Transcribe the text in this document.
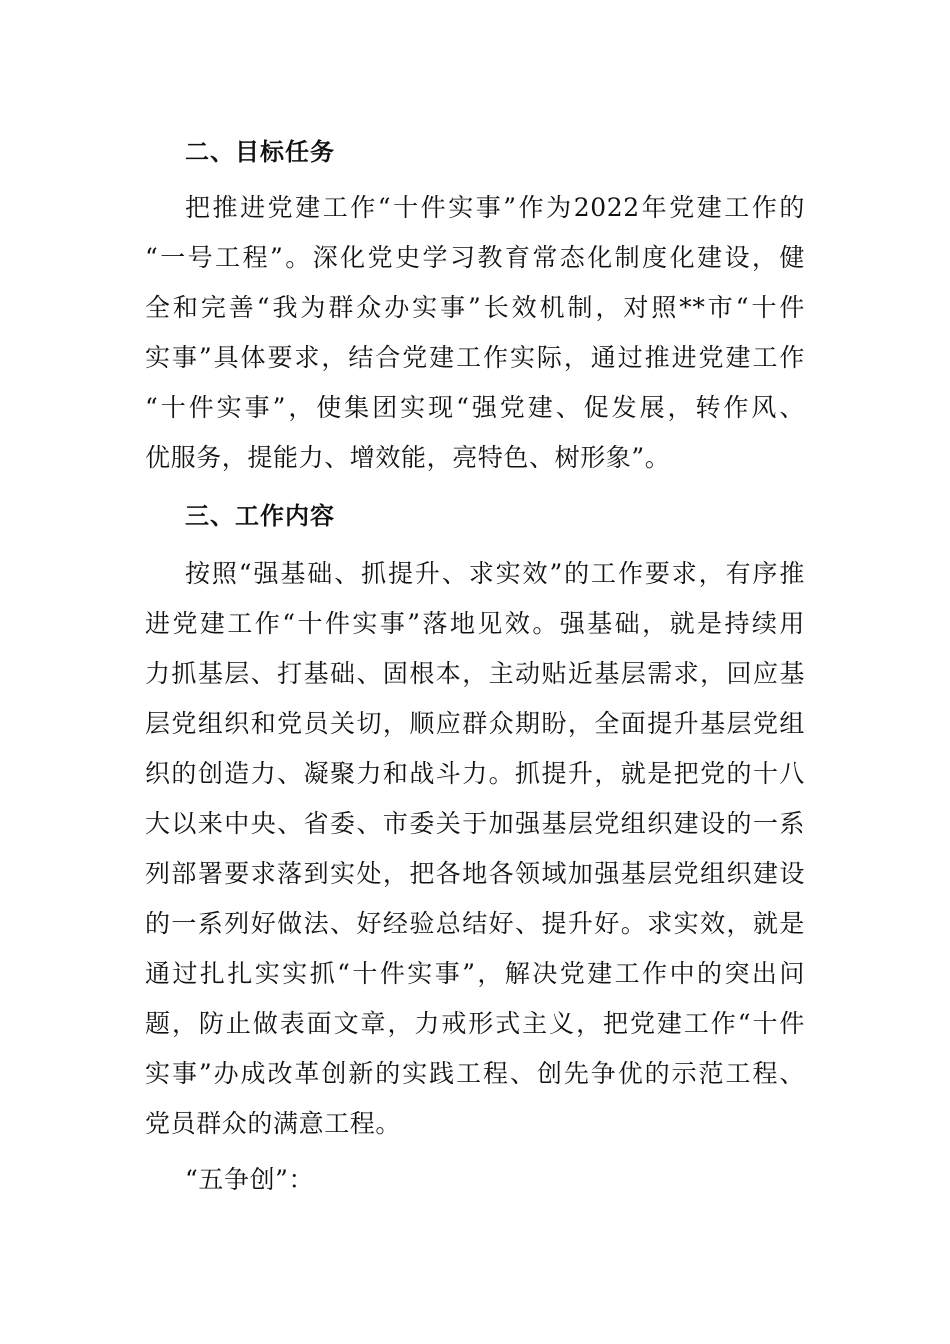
二、目标任务
把推进党建工作“十件实事”作为2022年党建工作的
“一号工程”。深化党史学习教育常态化制度化建设，健
全和完善“我为群众办实事”长效机制，对照**市“十件
实事”具体要求，结合党建工作实际，通过推进党建工作
“十件实事”，使集团实现“强党建、促发展，转作风、
优服务，提能力、增效能，亮特色、树形象”。
三、工作内容
按照“强基础、抓提升、求实效”的工作要求，有序推
进党建工作“十件实事”落地见效。强基础，就是持续用
力抓基层、打基础、固根本，主动贴近基层需求，回应基
层党组织和党员关切，顺应群众期盼，全面提升基层党组
织的创造力、凝聚力和战斗力。抓提升，就是把党的十八
大以来中央、省委、市委关于加强基层党组织建设的一系
列部署要求落到实处，把各地各领域加强基层党组织建设
的一系列好做法、好经验总结好、提升好。求实效，就是
通过扎扎实实抓“十件实事”，解决党建工作中的突出问
题，防止做表面文章，力戒形式主义，把党建工作“十件
实事”办成改革创新的实践工程、创先争优的示范工程、
党员群众的满意工程。
“五争创”：
